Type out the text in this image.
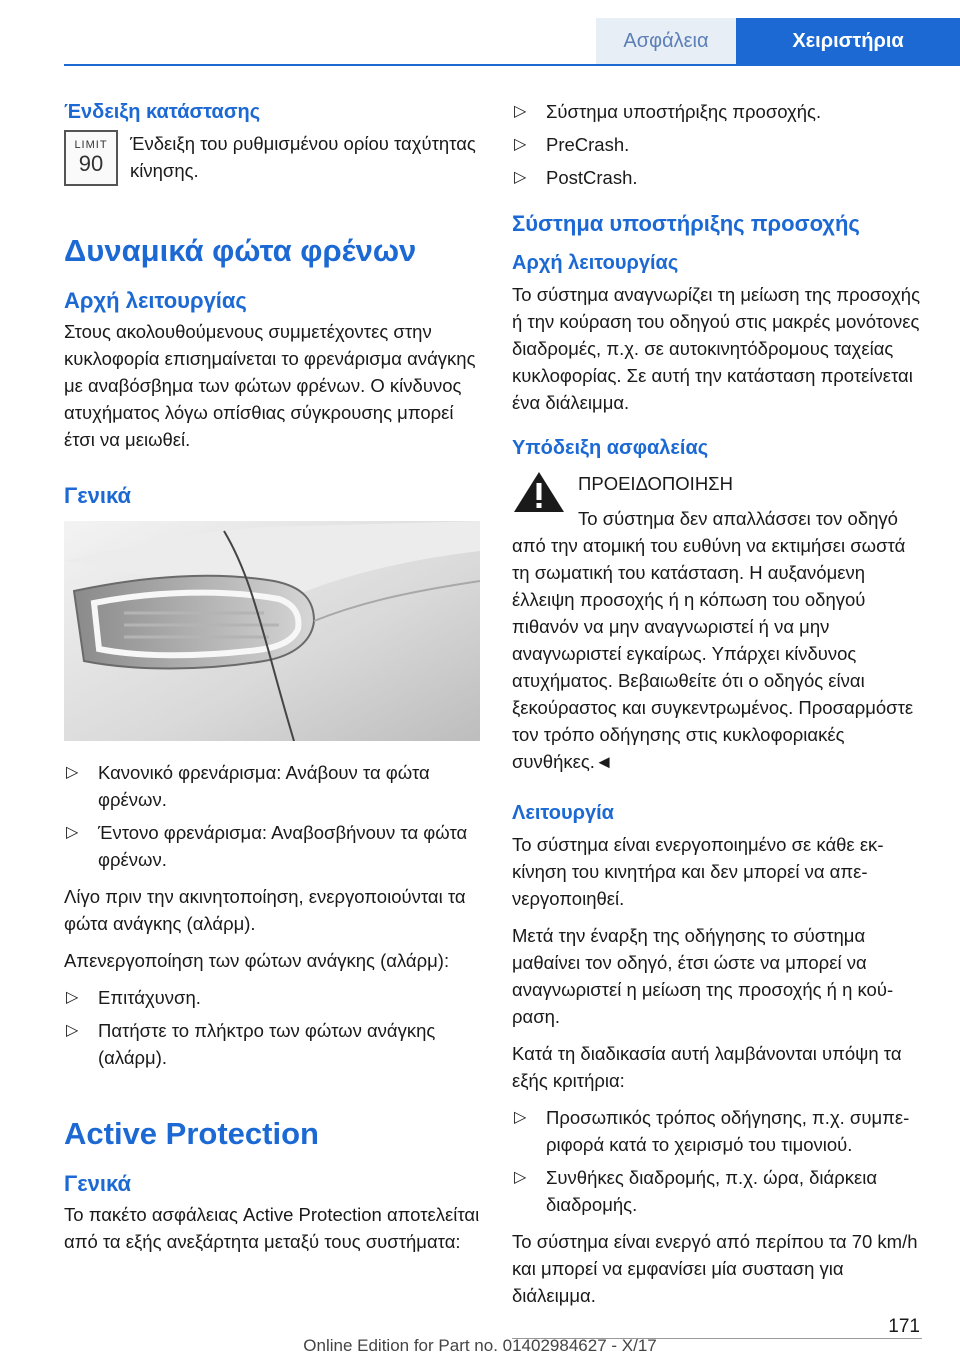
Ασφάλεια	Χειριστήρια
Ένδειξη κατάστασης
LIMIT
90

Ένδειξη του ρυθμισμένου ορίου ταχύτητας κίνησης.

Δυναμικά φώτα φρένων
Αρχή λειτουργίας

Στους ακολουθούμενους συμμετέχοντες στην κυκλοφορία επισημαίνεται το φρενάρισμα ανάγκης με αναβόσβημα των φώτων φρένων. Ο κίνδυνος ατυχήματος λόγω οπίσθιας σύγκρουσης μπορεί έτσι να μειωθεί.

Γενικά
▷ Κανονικό φρενάρισμα: Ανάβουν τα φώτα φρένων.
▷ Έντονο φρενάρισμα: Αναβοσβήνουν τα φώτα φρένων.

Λίγο πριν την ακινητοποίηση, ενεργοποιούνται τα φώτα ανάγκης (αλάρμ).

Απενεργοποίηση των φώτων ανάγκης (αλάρμ):

▷ Επιτάχυνση.
▷ Πατήστε το πλήκτρο των φώτων ανάγκης (αλάρμ).
Active Protection
Γενικά

Το πακέτο ασφάλειας Active Protection αποτελείται από τα εξής ανεξάρτητα μεταξύ τους συστήματα:

▷ Σύστημα υποστήριξης προσοχής.
▷ PreCrash.
▷ PostCrash.
Σύστημα υποστήριξης προσοχής
Αρχή λειτουργίας

Το σύστημα αναγνωρίζει τη μείωση της προσοχής ή την κούραση του οδηγού στις μακρές μονότονες διαδρομές, π.χ. σε αυτοκινητόδρομους ταχείας κυκλοφορίας. Σε αυτή την κατάσταση προτείνεται ένα διάλειμμα.

Υπόδειξη ασφαλείας
ΠΡΟΕΙΔΟΠΟΙΗΣΗ

Το σύστημα δεν απαλλάσσει τον οδηγό από την ατομική του ευθύνη να εκτιμήσει σωστά τη σωματική του κατάσταση. Η αυξανόμενη έλλειψη προσοχής ή η κόπωση του οδηγού πιθανόν να μην αναγνωριστεί ή να μην αναγνωριστεί εγκαίρως. Υπάρχει κίνδυνος ατυχήματος. Βεβαιωθείτε ότι ο οδηγός είναι ξεκούραστος και συγκεντρωμένος. Προσαρμόστε τον τρόπο οδήγησης στις κυκλοφοριακές συνθήκες.◄

Λειτουργία

Το σύστημα είναι ενεργοποιημένο σε κάθε εκκίνηση του κινητήρα και δεν μπορεί να απενεργοποιηθεί.

Μετά την έναρξη της οδήγησης το σύστημα μαθαίνει τον οδηγό, έτσι ώστε να μπορεί να αναγνωριστεί η μείωση της προσοχής ή η κούραση.

Κατά τη διαδικασία αυτή λαμβάνονται υπόψη τα εξής κριτήρια:

▷ Προσωπικός τρόπος οδήγησης, π.χ. συμπεριφορά κατά το χειρισμό του τιμονιού.
▷ Συνθήκες διαδρομής, π.χ. ώρα, διάρκεια διαδρομής.

Το σύστημα είναι ενεργό από περίπου τα 70 km/h και μπορεί να εμφανίσει μία συσταση για διάλειμμα.

171
Online Edition for Part no. 01402984627 - X/17
